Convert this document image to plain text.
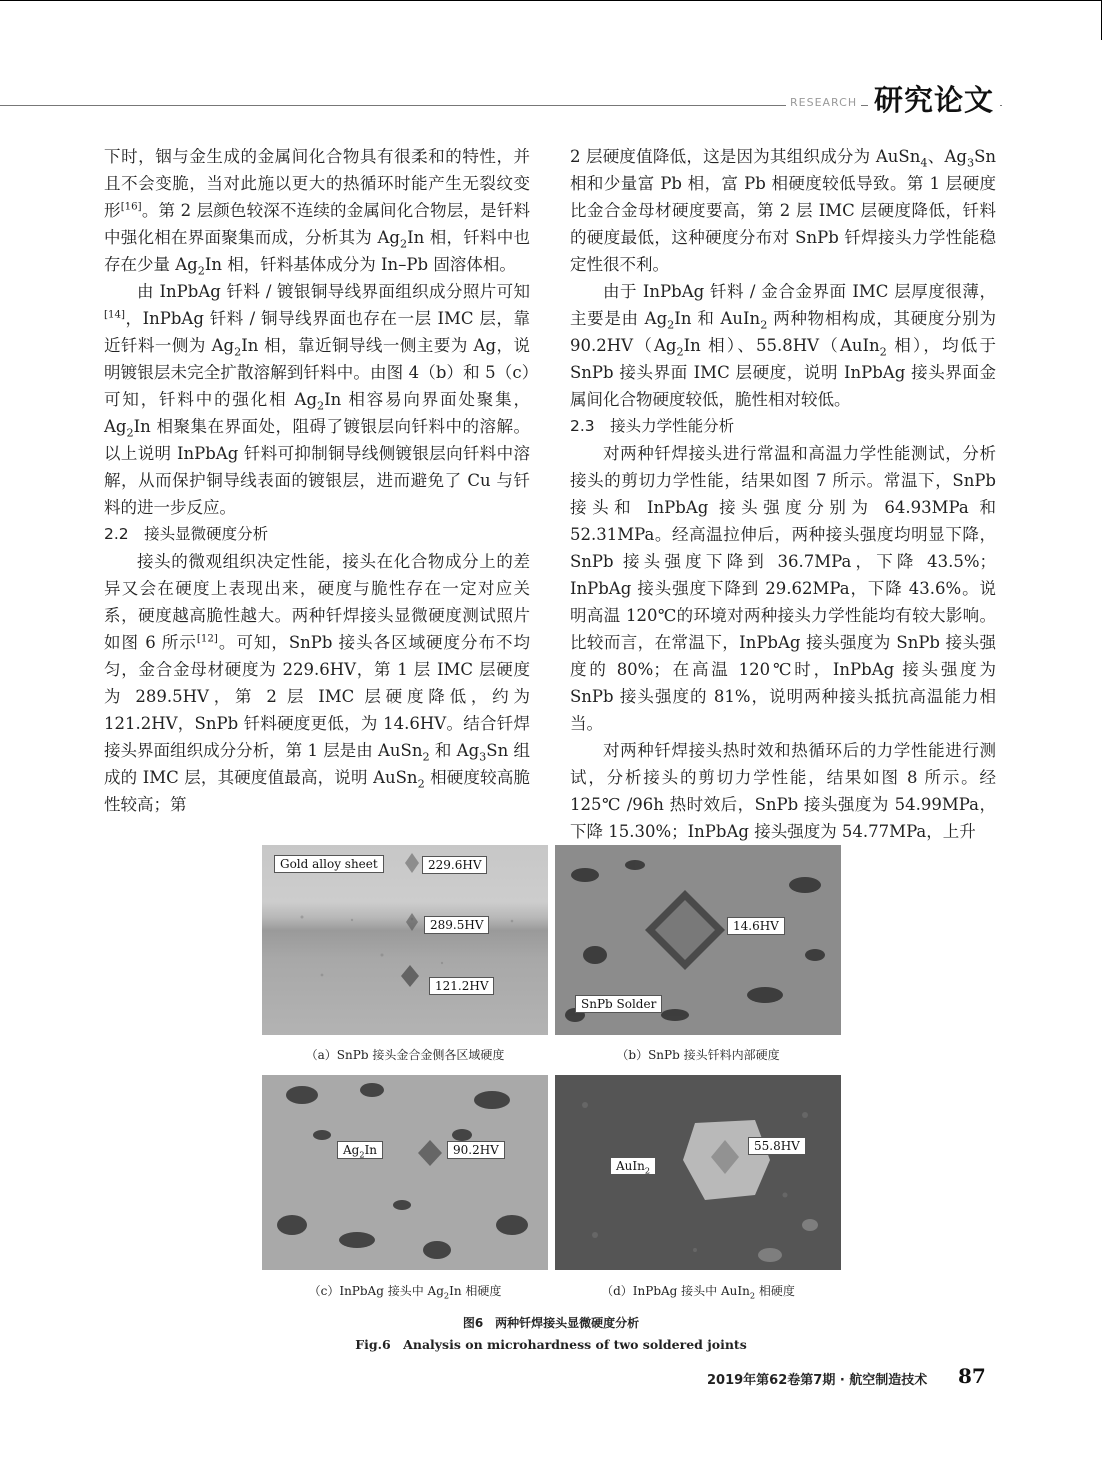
RESEARCH 研究论文

下时，铟与金生成的金属间化合物具有很柔和的特性，并且不会变脆，当对此施以更大的热循环时能产生无裂纹变形[16]。第 2 层颜色较深不连续的金属间化合物层，是钎料中强化相在界面聚集而成，分析其为 $Ag_2In$ 相，钎料中也存在少量 $Ag_2In$ 相，钎料基体成分为 In–Pb 固溶体相。

由 InPbAg 钎料 / 镀银铜导线界面组织成分照片可知[14]，InPbAg 钎料 / 铜导线界面也存在一层 IMC 层，靠近钎料一侧为 $Ag_2In$ 相，靠近铜导线一侧主要为 Ag，说明镀银层未完全扩散溶解到钎料中。由图 4（b）和 5（c）可知，钎料中的强化相 $Ag_2In$ 相容易向界面处聚集，$Ag_2In$ 相聚集在界面处，阻碍了镀银层向钎料中的溶解。以上说明 InPbAg 钎料可抑制铜导线侧镀银层向钎料中溶解，从而保护铜导线表面的镀银层，进而避免了 Cu 与钎料的进一步反应。

2.2　接头显微硬度分析

接头的微观组织决定性能，接头在化合物成分上的差异又会在硬度上表现出来，硬度与脆性存在一定对应关系，硬度越高脆性越大。两种钎焊接头显微硬度测试照片如图 6 所示[12]。可知，SnPb 接头各区域硬度分布不均匀，金合金母材硬度为 229.6HV，第 1 层 IMC 层硬度为 289.5HV，第 2 层 IMC 层硬度降低，约为 121.2HV，SnPb 钎料硬度更低，为 14.6HV。结合钎焊接头界面组织成分分析，第 1 层是由 AuSn$_2$ 和 $Ag_3Sn$ 组成的 IMC 层，其硬度值最高，说明 AuSn$_2$ 相硬度较高脆性较高；第

2 层硬度值降低，这是因为其组织成分为 AuSn$_4$、$Ag_3Sn$ 相和少量富 Pb 相，富 Pb 相硬度较低导致。第 1 层硬度比金合金母材硬度要高，第 2 层 IMC 层硬度降低，钎料的硬度最低，这种硬度分布对 SnPb 钎焊接头力学性能稳定性很不利。

由于 InPbAg 钎料 / 金合金界面 IMC 层厚度很薄，主要是由 $Ag_2In$ 和 AuIn$_2$ 两种物相构成，其硬度分别为 $90.2HV(Ag_2In$ 相）、55.8HV（AuIn$_2$ 相），均低于 SnPb 接头界面 IMC 层硬度，说明 InPbAg 接头界面金属间化合物硬度较低，脆性相对较低。

2.3　接头力学性能分析

对两种钎焊接头进行常温和高温力学性能测试，分析接头的剪切力学性能，结果如图 7 所示。常温下，SnPb 接头和 InPbAg 接头强度分别为 64.93MPa 和 52.31MPa。经高温拉伸后，两种接头强度均明显下降，SnPb 接头强度下降到 36.7MPa，下降 43.5%；InPbAg 接头强度下降到 29.62MPa，下降 43.6%。说明高温 120℃的环境对两种接头力学性能均有较大影响。比较而言，在常温下，InPbAg 接头强度为 SnPb 接头强度的 80%；在高温 120℃时，InPbAg 接头强度为 SnPb 接头强度的 81%，说明两种接头抵抗高温能力相当。

对两种钎焊接头热时效和热循环后的力学性能进行测试，分析接头的剪切力学性能，结果如图 8 所示。经 125℃ /96h 热时效后，SnPb 接头强度为 54.99MPa，下降 15.30%；InPbAg 接头强度为 54.77MPa，上升

Gold alloy sheet	229.6HV
289.5HV
121.2HV
（a）SnPb 接头金合金侧各区域硬度
14.6HV
SnPb Solder
（b）SnPb 接头钎料内部硬度
$Ag_2In$	90.2HV
（c）InPbAg 接头中 $Ag_2In$ 相硬度
55.8HV
AuIn$_2$
（d）InPbAg 接头中 AuIn$_2$ 相硬度
图6　两种钎焊接头显微硬度分析
Fig.6　Analysis on microhardness of two soldered joints
2019年第62卷第7期 · 航空制造技术 87
